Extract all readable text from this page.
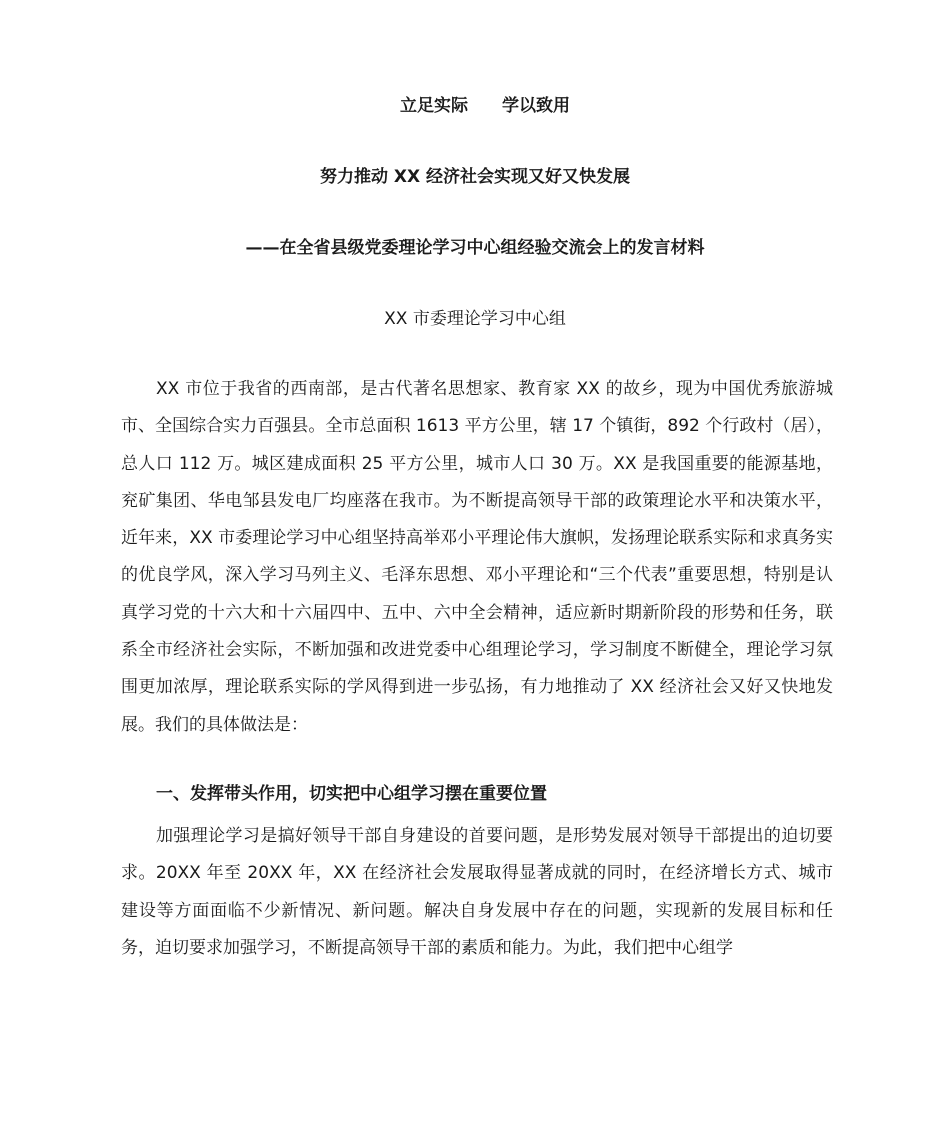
立足实际 学以致用
努力推动 XX 经济社会实现又好又快发展
——在全省县级党委理论学习中心组经验交流会上的发言材料
XX 市委理论学习中心组

XX 市位于我省的西南部，是古代著名思想家、教育家 XX 的故乡，现为中国优秀旅游城市、全国综合实力百强县。全市总面积 1613 平方公里，辖 17 个镇街，892 个行政村（居），总人口 112 万。城区建成面积 25 平方公里，城市人口 30 万。XX 是我国重要的能源基地，兖矿集团、华电邹县发电厂均座落在我市。为不断提高领导干部的政策理论水平和决策水平，近年来，XX 市委理论学习中心组坚持高举邓小平理论伟大旗帜，发扬理论联系实际和求真务实的优良学风，深入学习马列主义、毛泽东思想、邓小平理论和“三个代表”重要思想，特别是认真学习党的十六大和十六届四中、五中、六中全会精神，适应新时期新阶段的形势和任务，联系全市经济社会实际，不断加强和改进党委中心组理论学习，学习制度不断健全，理论学习氛围更加浓厚，理论联系实际的学风得到进一步弘扬，有力地推动了 XX 经济社会又好又快地发展。我们的具体做法是：

一、发挥带头作用，切实把中心组学习摆在重要位置

加强理论学习是搞好领导干部自身建设的首要问题，是形势发展对领导干部提出的迫切要求。20XX 年至 20XX 年，XX 在经济社会发展取得显著成就的同时，在经济增长方式、城市建设等方面面临不少新情况、新问题。解决自身发展中存在的问题，实现新的发展目标和任务，迫切要求加强学习，不断提高领导干部的素质和能力。为此，我们把中心组学
